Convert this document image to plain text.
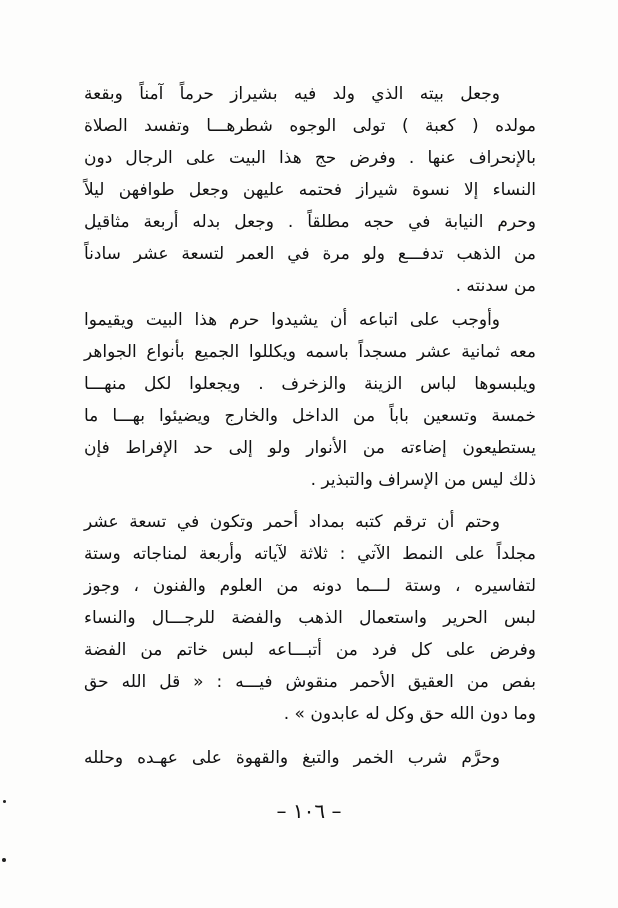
وجعل بيته الذي ولد فيه بشيراز حرماً آمناً وبقعة
مولده ( كعبة ) تولى الوجوه شطرهـــا وتفسد الصلاة
بالإنحراف عنها . وفرض حج هذا البيت على الرجال دون
النساء إلا نسوة شيراز فحتمه عليهن وجعل طوافهن ليلاً
وحرم النيابة في حجه مطلقاً . وجعل بدله أربعة مثاقيل
من الذهب تدفـــع ولو مرة في العمر لتسعة عشر سادناً
من سدنته .
وأوجب على اتباعه أن يشيدوا حرم هذا البيت ويقيموا
معه ثمانية عشر مسجداً باسمه ويكللوا الجميع بأنواع الجواهر
ويلبسوها لباس الزينة والزخرف . ويجعلوا لكل منهـــا
خمسة وتسعين باباً من الداخل والخارج ويضيئوا بهـــا ما
يستطيعون إضاءته من الأنوار ولو إلى حد الإفراط فإن
ذلك ليس من الإسراف والتبذير .
وحتم أن ترقم كتبه بمداد أحمر وتكون في تسعة عشر
مجلداً على النمط الآتي : ثلاثة لآياته وأربعة لمناجاته وستة
لتفاسيره ، وستة لـــما دونه من العلوم والفنون ، وجوز
لبس الحرير واستعمال الذهب والفضة للرجـــال والنساء
وفرض على كل فرد من أتبـــاعه لبس خاتم من الفضة
بفص من العقيق الأحمر منقوش فيـــه : « قل الله حق
وما دون الله حق وكل له عابدون » .
وحرَّم شرب الخمر والتبغ والقهوة على عهـده وحلله
– ١٠٦ –
